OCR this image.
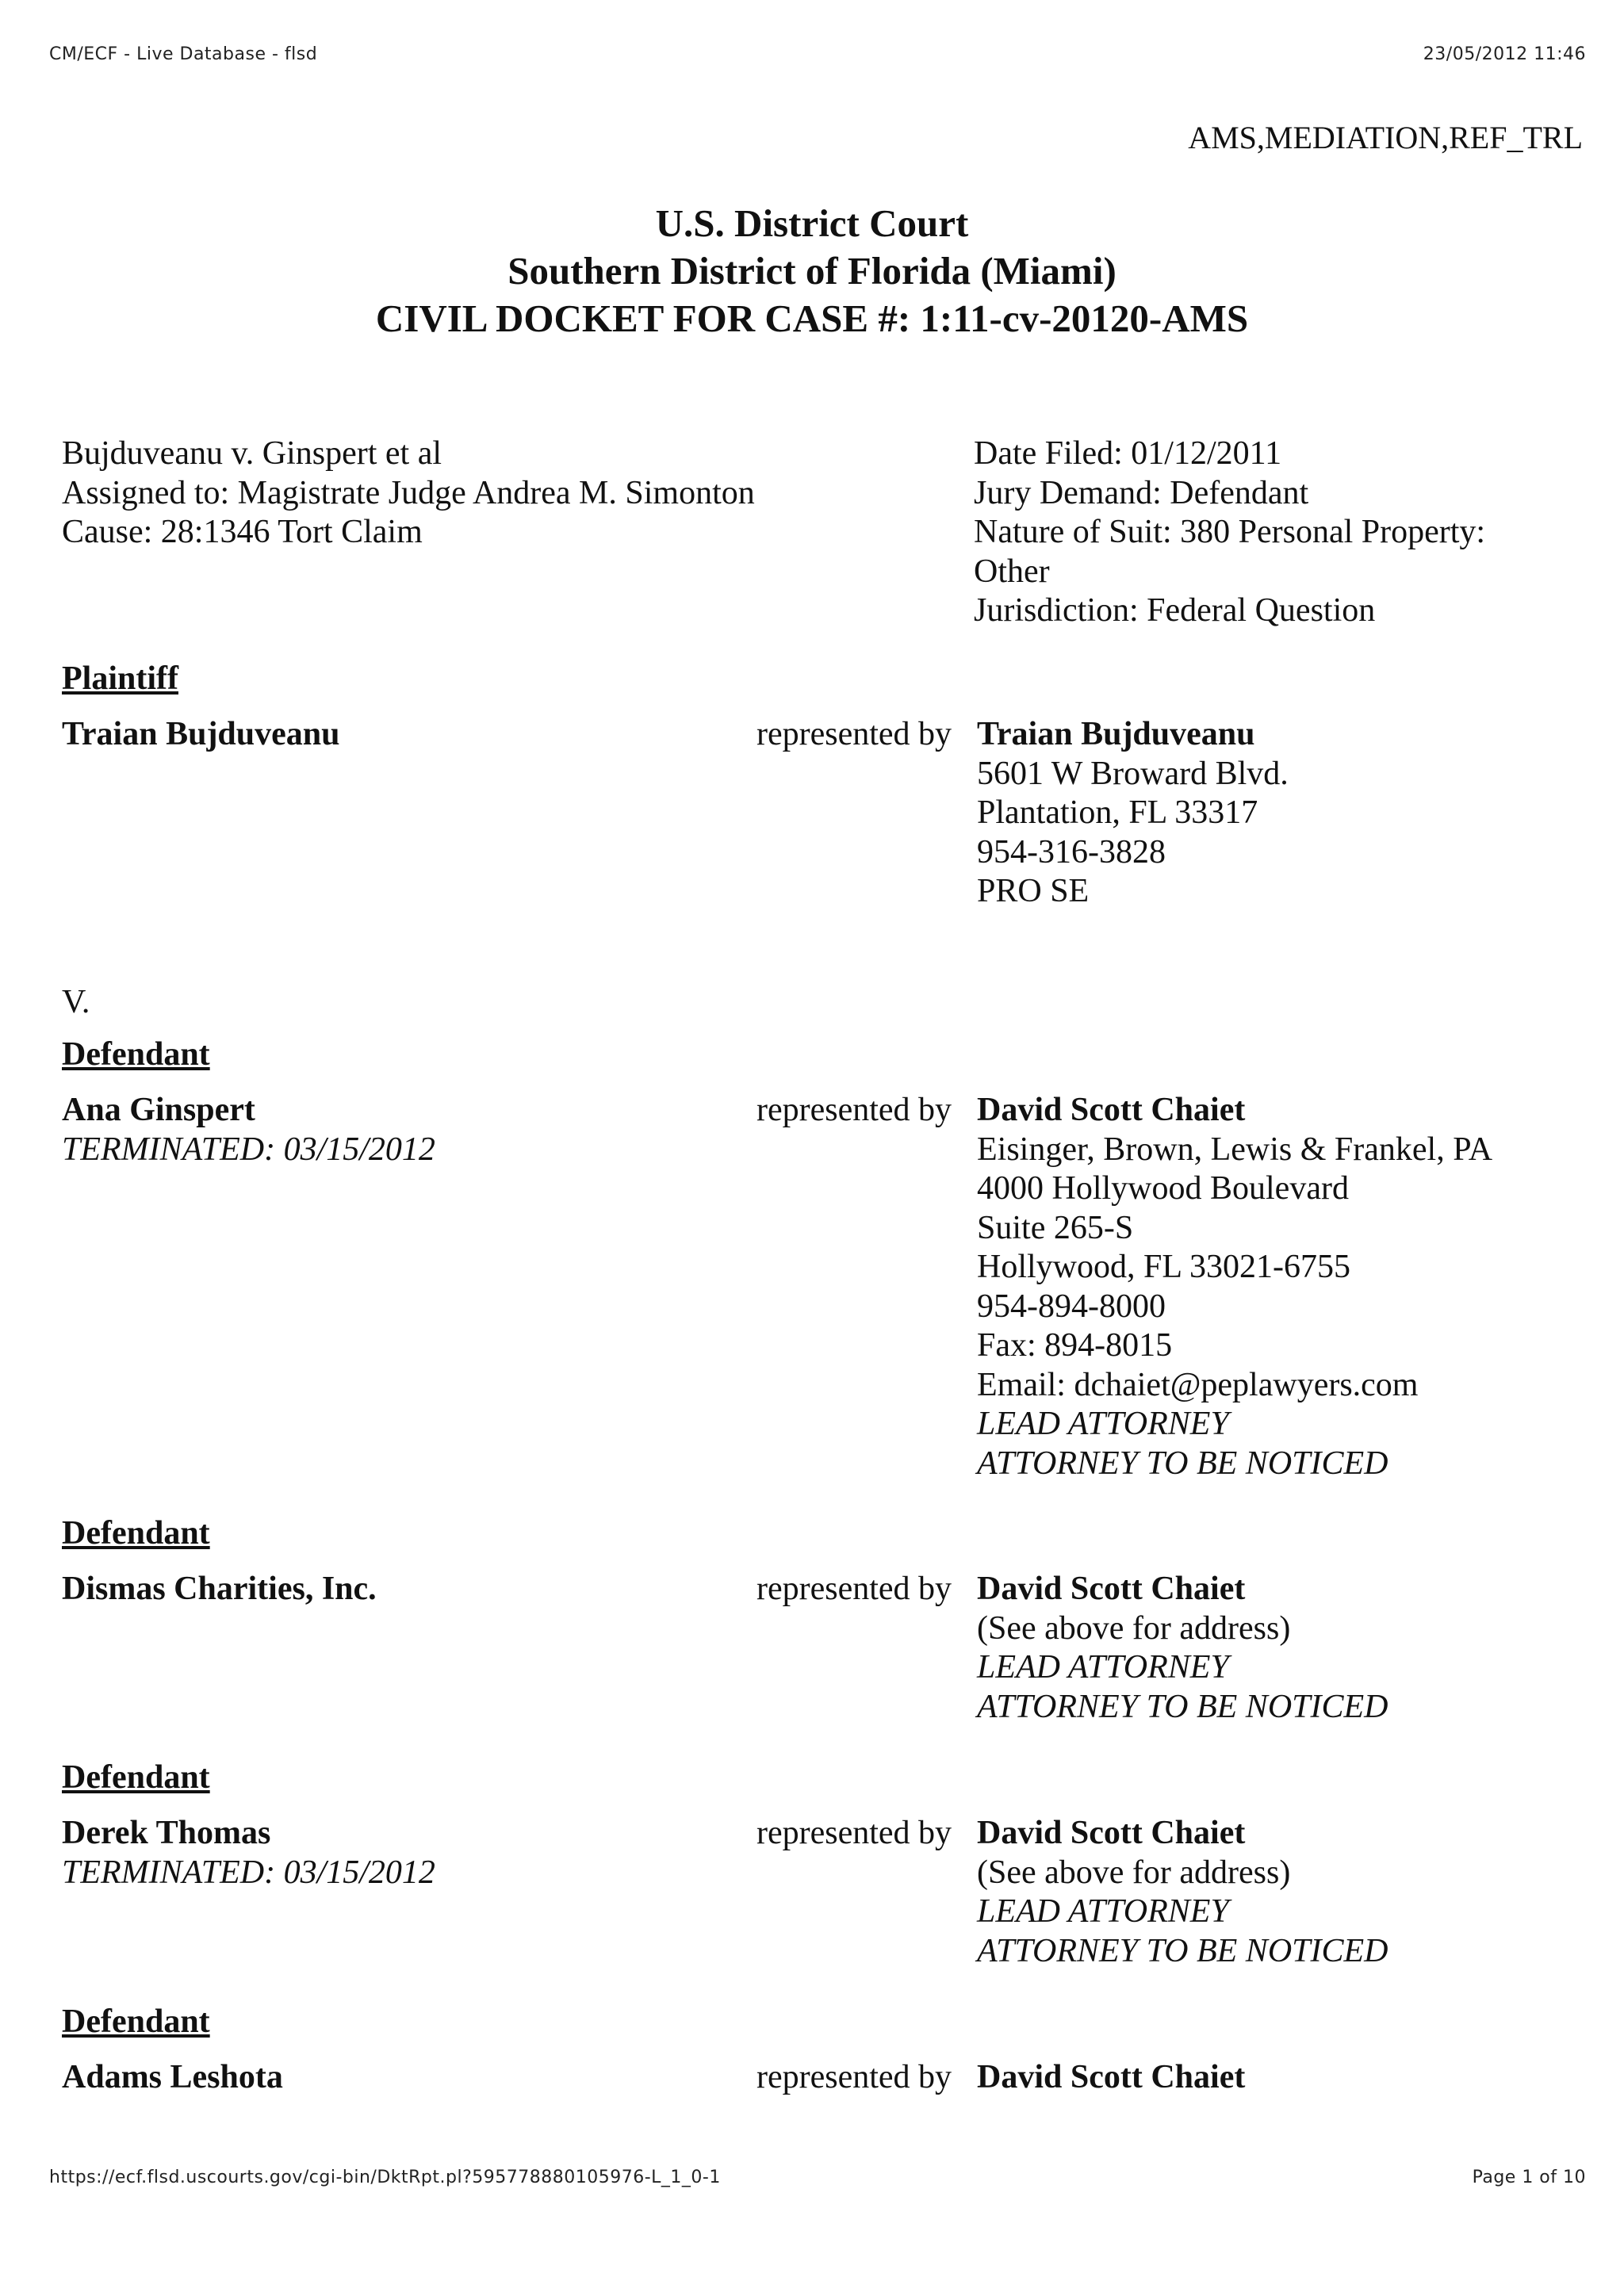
CM/ECF - Live Database - flsd	23/05/2012 11:46
AMS,MEDIATION,REF_TRL
U.S. District Court
Southern District of Florida (Miami)
CIVIL DOCKET FOR CASE #: 1:11-cv-20120-AMS
Bujduveanu v. Ginspert et al
Assigned to: Magistrate Judge Andrea M. Simonton
Cause: 28:1346 Tort Claim
Date Filed: 01/12/2011
Jury Demand: Defendant
Nature of Suit: 380 Personal Property:
Other
Jurisdiction: Federal Question
Plaintiff
Traian Bujduveanu	represented by Traian Bujduveanu
5601 W Broward Blvd.
Plantation, FL 33317
954-316-3828
PRO SE
V.
Defendant
Ana Ginspert
TERMINATED: 03/15/2012
represented by David Scott Chaiet
Eisinger, Brown, Lewis & Frankel, PA
4000 Hollywood Boulevard
Suite 265-S
Hollywood, FL 33021-6755
954-894-8000
Fax: 894-8015
Email: dchaiet@peplawyers.com
LEAD ATTORNEY
ATTORNEY TO BE NOTICED
Defendant
Dismas Charities, Inc.	represented by David Scott Chaiet
(See above for address)
LEAD ATTORNEY
ATTORNEY TO BE NOTICED
Defendant
Derek Thomas
TERMINATED: 03/15/2012
represented by David Scott Chaiet
(See above for address)
LEAD ATTORNEY
ATTORNEY TO BE NOTICED
Defendant
Adams Leshota	represented by David Scott Chaiet
https://ecf.flsd.uscourts.gov/cgi-bin/DktRpt.pl?595778880105976-L_1_0-1	Page 1 of 10
